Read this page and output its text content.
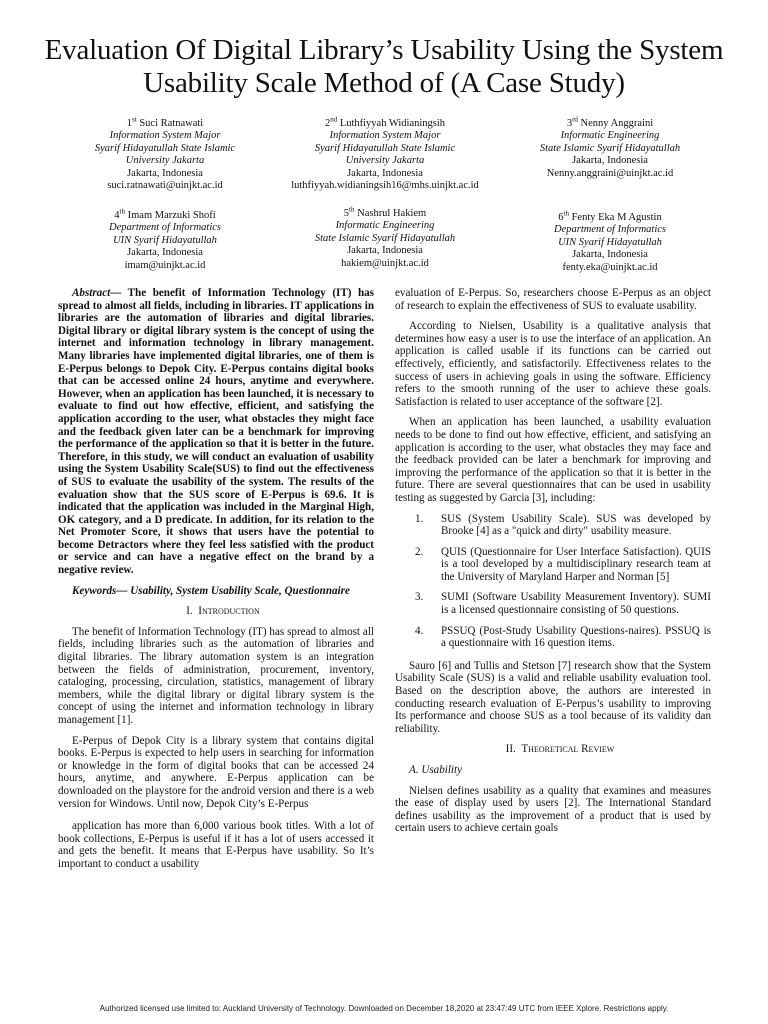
Evaluation Of Digital Library’s Usability Using the System Usability Scale Method of (A Case Study)
1st Suci Ratnawati
Information System Major
Syarif Hidayatullah State Islamic
University Jakarta
Jakarta, Indonesia
suci.ratnawati@uinjkt.ac.id
2nd Luthfiyyah Widianingsih
Information System Major
Syarif Hidayatullah State Islamic
University Jakarta
Jakarta, Indonesia
luthfiyyah.widianingsih16@mhs.uinjkt.ac.id
3rd Nenny Anggraini
Informatic Engineering
State Islamic Syarif Hidayatullah
Jakarta, Indonesia
Nenny.anggraini@uinjkt.ac.id
4th Imam Marzuki Shofi
Department of Informatics
UIN Syarif Hidayatullah
Jakarta, Indonesia
imam@uinjkt.ac.id
5th Nashrul Hakiem
Informatic Engineering
State Islamic Syarif Hidayatullah
Jakarta, Indonesia
hakiem@uinjkt.ac.id
6th Fenty Eka M Agustin
Department of Informatics
UIN Syarif Hidayatullah
Jakarta, Indonesia
fenty.eka@uinjkt.ac.id

Abstract— The benefit of Information Technology (IT) has spread to almost all fields, including in libraries. IT applications in libraries are the automation of libraries and digital libraries. Digital library or digital library system is the concept of using the internet and information technology in library management. Many libraries have implemented digital libraries, one of them is E-Perpus belongs to Depok City. E-Perpus contains digital books that can be accessed online 24 hours, anytime and everywhere. However, when an application has been launched, it is necessary to evaluate to find out how effective, efficient, and satisfying the application according to the user, what obstacles they might face and the feedback given later can be a benchmark for improving the performance of the application so that it is better in the future. Therefore, in this study, we will conduct an evaluation of usability using the System Usability Scale(SUS) to find out the effectiveness of SUS to evaluate the usability of the system. The results of the evaluation show that the SUS score of E-Perpus is 69.6. It is indicated that the application was included in the Marginal High, OK category, and a D predicate. In addition, for its relation to the Net Promoter Score, it shows that users have the potential to become Detractors where they feel less satisfied with the product or service and can have a negative effect on the brand by a negative review.

Keywords— Usability, System Usability Scale, Questionnaire

I. Introduction

The benefit of Information Technology (IT) has spread to almost all fields, including libraries such as the automation of libraries and digital libraries. The library automation system is an integration between the fields of administration, procurement, inventory, cataloging, processing, circulation, statistics, management of library members, while the digital library or digital library system is the concept of using the internet and information technology in library management [1].

E-Perpus of Depok City is a library system that contains digital books. E-Perpus is expected to help users in searching for information or knowledge in the form of digital books that can be accessed 24 hours, anytime, and anywhere. E-Perpus application can be downloaded on the playstore for the android version and there is a web version for Windows. Until now, Depok City’s E-Perpus

application has more than 6,000 various book titles. With a lot of book collections, E-Perpus is useful if it has a lot of users accessed it and gets the benefit. It means that E-Perpus have usability. So It’s important to conduct a usability

evaluation of E-Perpus. So, researchers choose E-Perpus as an object of research to explain the effectiveness of SUS to evaluate usability.

According to Nielsen, Usability is a qualitative analysis that determines how easy a user is to use the interface of an application. An application is called usable if its functions can be carried out effectively, efficiently, and satisfactorily. Effectiveness relates to the success of users in achieving goals in using the software. Efficiency refers to the smooth running of the user to achieve these goals. Satisfaction is related to user acceptance of the software [2].

When an application has been launched, a usability evaluation needs to be done to find out how effective, efficient, and satisfying an application is according to the user, what obstacles they may face and the feedback provided can be later a benchmark for improving and improving the performance of the application so that it is better in the future. There are several questionnaires that can be used in usability testing as suggested by Garcia [3], including:

1. SUS (System Usability Scale). SUS was developed by Brooke [4] as a "quick and dirty" usability measure.
2. QUIS (Questionnaire for User Interface Satisfaction). QUIS is a tool developed by a multidisciplinary research team at the University of Maryland Harper and Norman [5]
3. SUMI (Software Usability Measurement Inventory). SUMI is a licensed questionnaire consisting of 50 questions.
4. PSSUQ (Post-Study Usability Questions-naires). PSSUQ is a questionnaire with 16 question items.

Sauro [6] and Tullis and Stetson [7] research show that the System Usability Scale (SUS) is a valid and reliable usability evaluation tool. Based on the description above, the authors are interested in conducting research evaluation of E-Perpus’s usability to improving Its performance and choose SUS as a tool because of its validity dan reliability.

II. Theoretical Review

A. Usability

Nielsen defines usability as a quality that examines and measures the ease of display used by users [2]. The International Standard defines usability as the improvement of a product that is used by certain users to achieve certain goals

Authorized licensed use limited to: Auckland University of Technology. Downloaded on December 18,2020 at 23:47:49 UTC from IEEE Xplore. Restrictions apply.
